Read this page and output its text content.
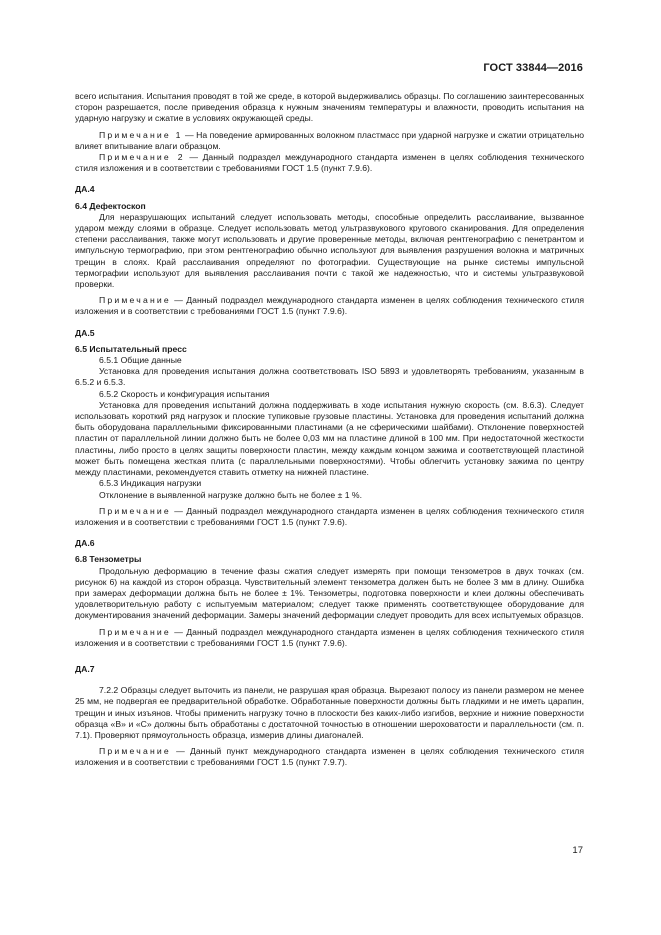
ГОСТ 33844—2016

всего испытания. Испытания проводят в той же среде, в которой выдерживались образцы. По соглашению заинтересованных сторон разрешается, после приведения образца к нужным значениям температуры и влажности, проводить испытания на ударную нагрузку и сжатие в условиях окружающей среды.

Примечание 1 — На поведение армированных волокном пластмасс при ударной нагрузке и сжатии отрицательно влияет впитывание влаги образцом.

Примечание 2 — Данный подраздел международного стандарта изменен в целях соблюдения технического стиля изложения и в соответствии с требованиями ГОСТ 1.5 (пункт 7.9.6).

ДА.4

6.4 Дефектоскоп

Для неразрушающих испытаний следует использовать методы, способные определить расслаивание, вызванное ударом между слоями в образце. Следует использовать метод ультразвукового кругового сканирования. Для определения степени расслаивания, также могут использовать и другие проверенные методы, включая рентгенографию с пенетрантом и импульсную термографию, при этом рентгенографию обычно используют для выявления разрушения волокна и матричных трещин в слоях. Край расслаивания определяют по фотографии. Существующие на рынке системы импульсной термографии используют для выявления расслаивания почти с такой же надежностью, что и системы ультразвуковой проверки.

Примечание — Данный подраздел международного стандарта изменен в целях соблюдения технического стиля изложения и в соответствии с требованиями ГОСТ 1.5 (пункт 7.9.6).

ДА.5

6.5 Испытательный пресс

6.5.1 Общие данные

Установка для проведения испытания должна соответствовать ISO 5893 и удовлетворять требованиям, указанным в 6.5.2 и 6.5.3.

6.5.2 Скорость и конфигурация испытания

Установка для проведения испытаний должна поддерживать в ходе испытания нужную скорость (см. 8.6.3). Следует использовать короткий ряд нагрузок и плоские тупиковые грузовые пластины. Установка для проведения испытаний должна быть оборудована параллельными фиксированными пластинами (а не сферическими шайбами). Отклонение поверхностей пластин от параллельной линии должно быть не более 0,03 мм на пластине длиной в 100 мм. При недостаточной жесткости пластины, либо просто в целях защиты поверхности пластин, между каждым концом зажима и соответствующей пластиной может быть помещена жесткая плита (с параллельными поверхностями). Чтобы облегчить установку зажима по центру между пластинами, рекомендуется ставить отметку на нижней пластине.

6.5.3 Индикация нагрузки

Отклонение в выявленной нагрузке должно быть не более ± 1 %.

Примечание — Данный подраздел международного стандарта изменен в целях соблюдения технического стиля изложения и в соответствии с требованиями ГОСТ 1.5 (пункт 7.9.6).

ДА.6

6.8 Тензометры

Продольную деформацию в течение фазы сжатия следует измерять при помощи тензометров в двух точках (см. рисунок 6) на каждой из сторон образца. Чувствительный элемент тензометра должен быть не более 3 мм в длину. Ошибка при замерах деформации должна быть не более ± 1%. Тензометры, подготовка поверхности и клеи должны обеспечивать удовлетворительную работу с испытуемым материалом; следует также применять соответствующее оборудование для документирования значений деформации. Замеры значений деформации следует проводить для всех испытуемых образцов.

Примечание — Данный подраздел международного стандарта изменен в целях соблюдения технического стиля изложения и в соответствии с требованиями ГОСТ 1.5 (пункт 7.9.6).

ДА.7

7.2.2 Образцы следует выточить из панели, не разрушая края образца. Вырезают полосу из панели размером не менее 25 мм, не подвергая ее предварительной обработке. Обработанные поверхности должны быть гладкими и не иметь царапин, трещин и иных изъянов. Чтобы применить нагрузку точно в плоскости без каких-либо изгибов, верхние и нижние поверхности образца «В» и «С» должны быть обработаны с достаточной точностью в отношении шероховатости и параллельности (см. п. 7.1). Проверяют прямоугольность образца, измерив длины диагоналей.

Примечание — Данный пункт международного стандарта изменен в целях соблюдения технического стиля изложения и в соответствии с требованиями ГОСТ 1.5 (пункт 7.9.7).

17
